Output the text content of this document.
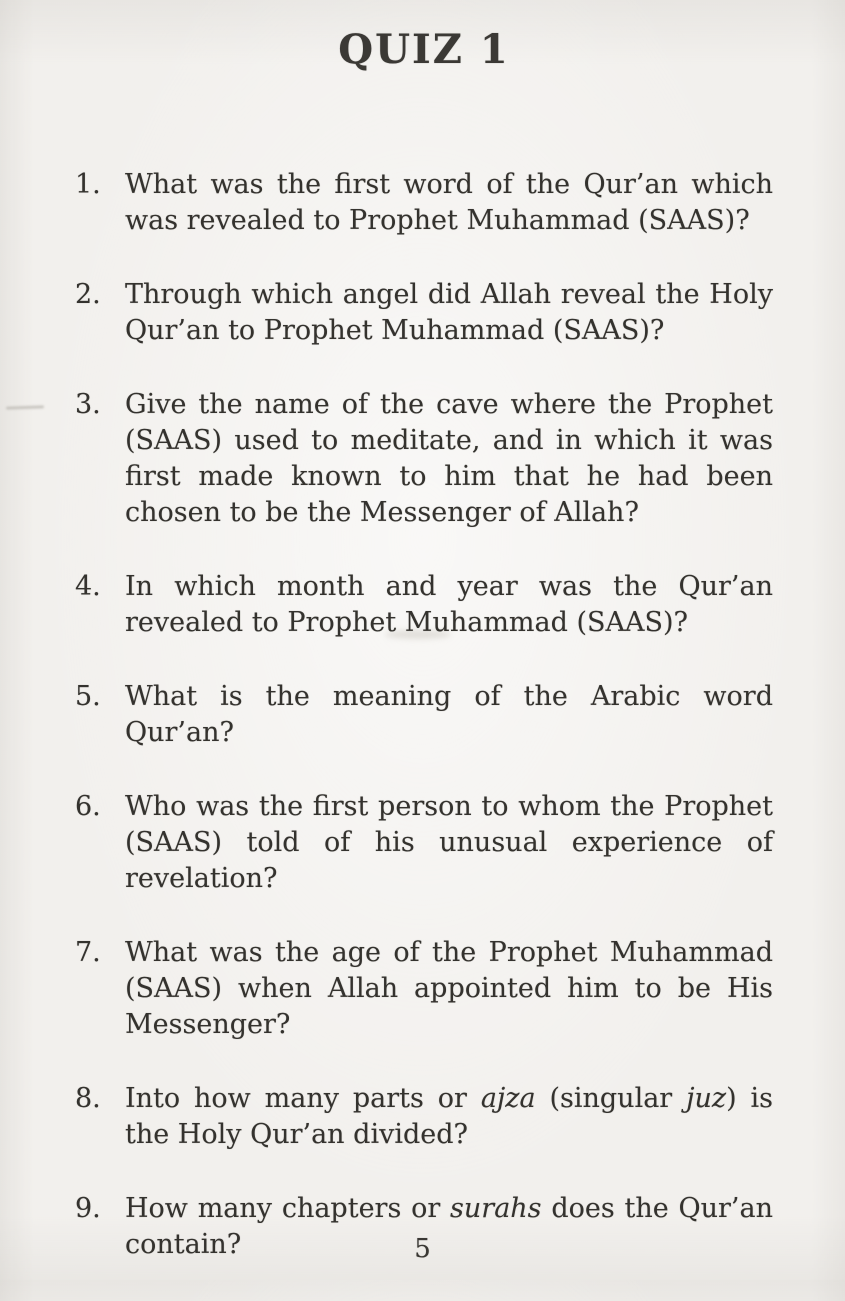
QUIZ 1
1. What was the first word of the Qur’an which was revealed to Prophet Muhammad (SAAS)?
2. Through which angel did Allah reveal the Holy Qur’an to Prophet Muhammad (SAAS)?
3. Give the name of the cave where the Prophet (SAAS) used to meditate, and in which it was first made known to him that he had been chosen to be the Messenger of Allah?
4. In which month and year was the Qur’an revealed to Prophet Muhammad (SAAS)?
5. What is the meaning of the Arabic word Qur’an?
6. Who was the first person to whom the Prophet (SAAS) told of his unusual experience of revelation?
7. What was the age of the Prophet Muhammad (SAAS) when Allah appointed him to be His Messenger?
8. Into how many parts or ajza (singular juz) is the Holy Qur’an divided?
9. How many chapters or surahs does the Qur’an contain?	5
